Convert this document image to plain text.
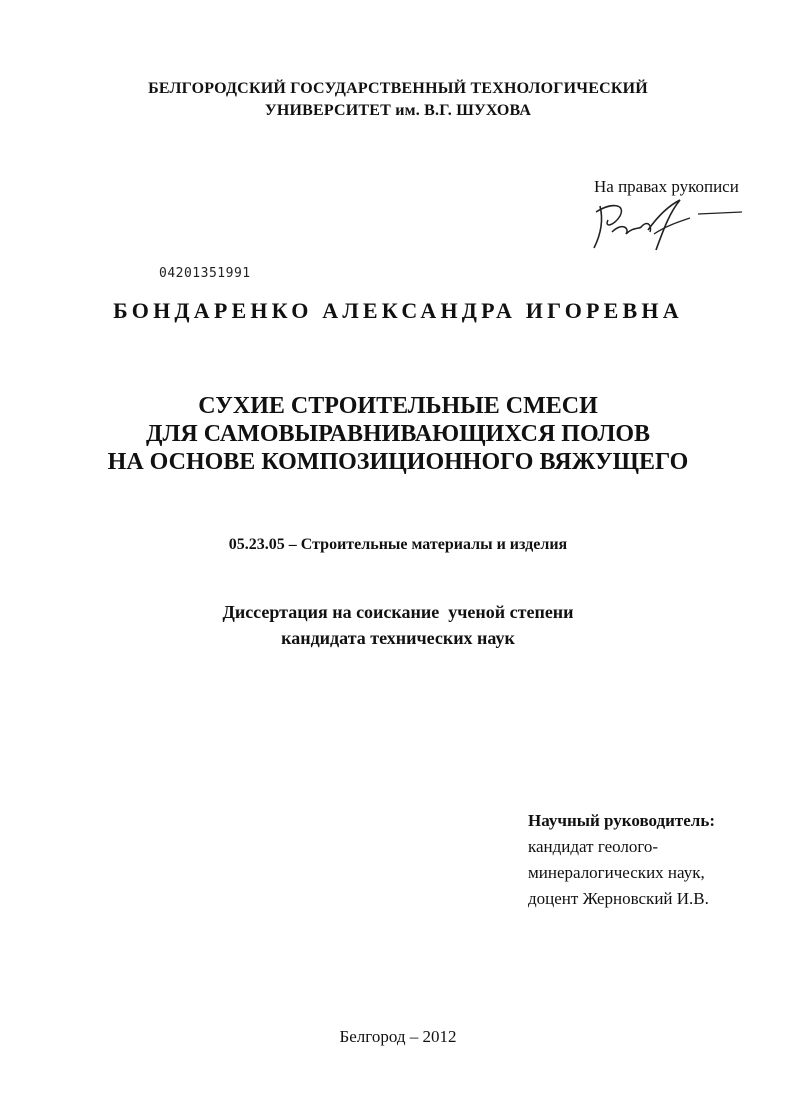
БЕЛГОРОДСКИЙ ГОСУДАРСТВЕННЫЙ ТЕХНОЛОГИЧЕСКИЙ
УНИВЕРСИТЕТ им. В.Г. ШУХОВА
На правах рукописи
04201351991
БОНДАРЕНКО АЛЕКСАНДРА ИГОРЕВНА
СУХИЕ СТРОИТЕЛЬНЫЕ СМЕСИ
ДЛЯ САМОВЫРАВНИВАЮЩИХСЯ ПОЛОВ
НА ОСНОВЕ КОМПОЗИЦИОННОГО ВЯЖУЩЕГО
05.23.05 – Строительные материалы и изделия
Диссертация на соискание  ученой степени
кандидата технических наук
Научный руководитель:
кандидат геолого-
минералогических наук,
доцент Жерновский И.В.
Белгород – 2012
